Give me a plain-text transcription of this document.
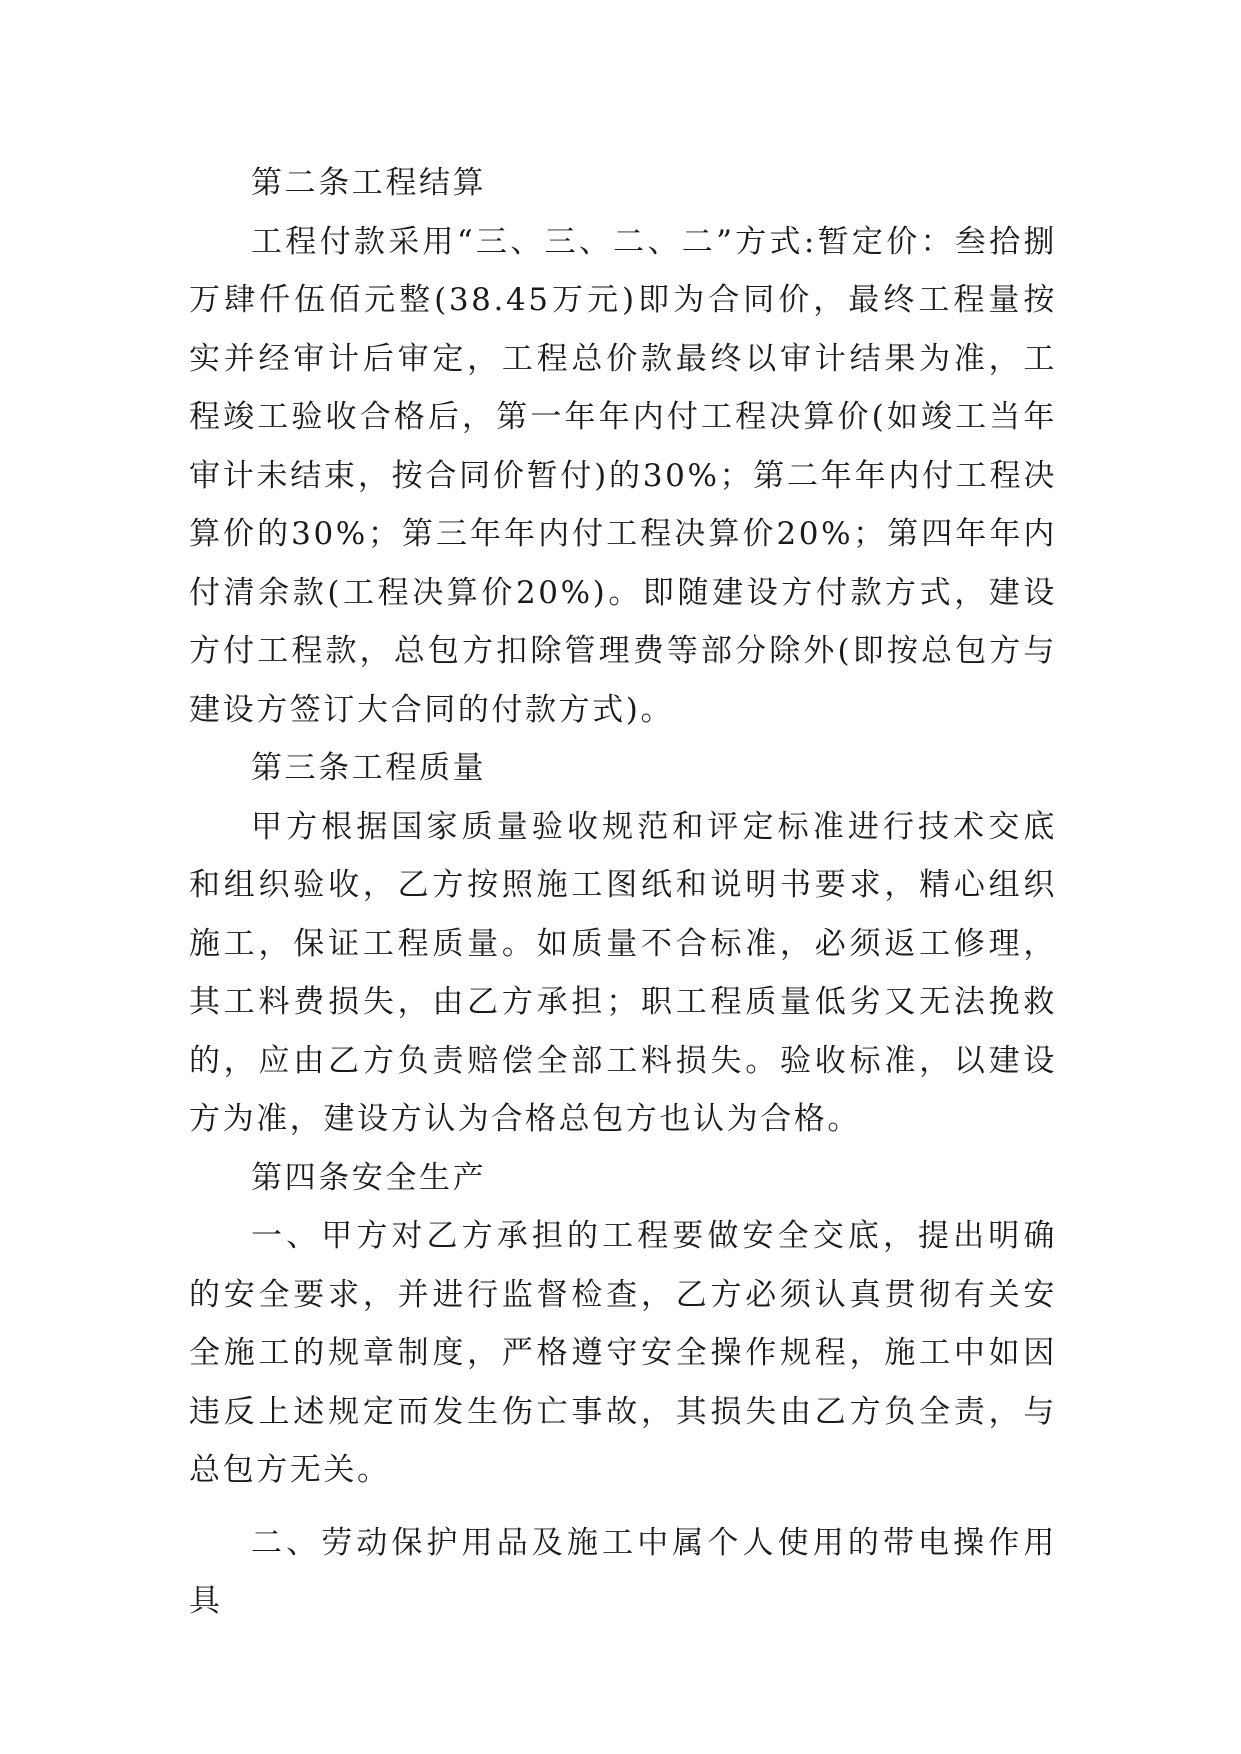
第二条工程结算

工程付款采用“三、三、二、二”方式:暂定价：叁拾捌万肆仟伍佰元整(38.45万元)即为合同价，最终工程量按实并经审计后审定，工程总价款最终以审计结果为准，工程竣工验收合格后，第一年年内付工程决算价(如竣工当年审计未结束，按合同价暂付)的30%；第二年年内付工程决算价的30%；第三年年内付工程决算价20%；第四年年内付清余款(工程决算价20%)。即随建设方付款方式，建设方付工程款，总包方扣除管理费等部分除外(即按总包方与建设方签订大合同的付款方式)。

第三条工程质量

甲方根据国家质量验收规范和评定标准进行技术交底和组织验收，乙方按照施工图纸和说明书要求，精心组织施工，保证工程质量。如质量不合标准，必须返工修理，其工料费损失，由乙方承担；职工程质量低劣又无法挽救的，应由乙方负责赔偿全部工料损失。验收标准，以建设方为准，建设方认为合格总包方也认为合格。

第四条安全生产

一、甲方对乙方承担的工程要做安全交底，提出明确的安全要求，并进行监督检查，乙方必须认真贯彻有关安全施工的规章制度，严格遵守安全操作规程，施工中如因违反上述规定而发生伤亡事故，其损失由乙方负全责，与总包方无关。

二、劳动保护用品及施工中属个人使用的带电操作用具
